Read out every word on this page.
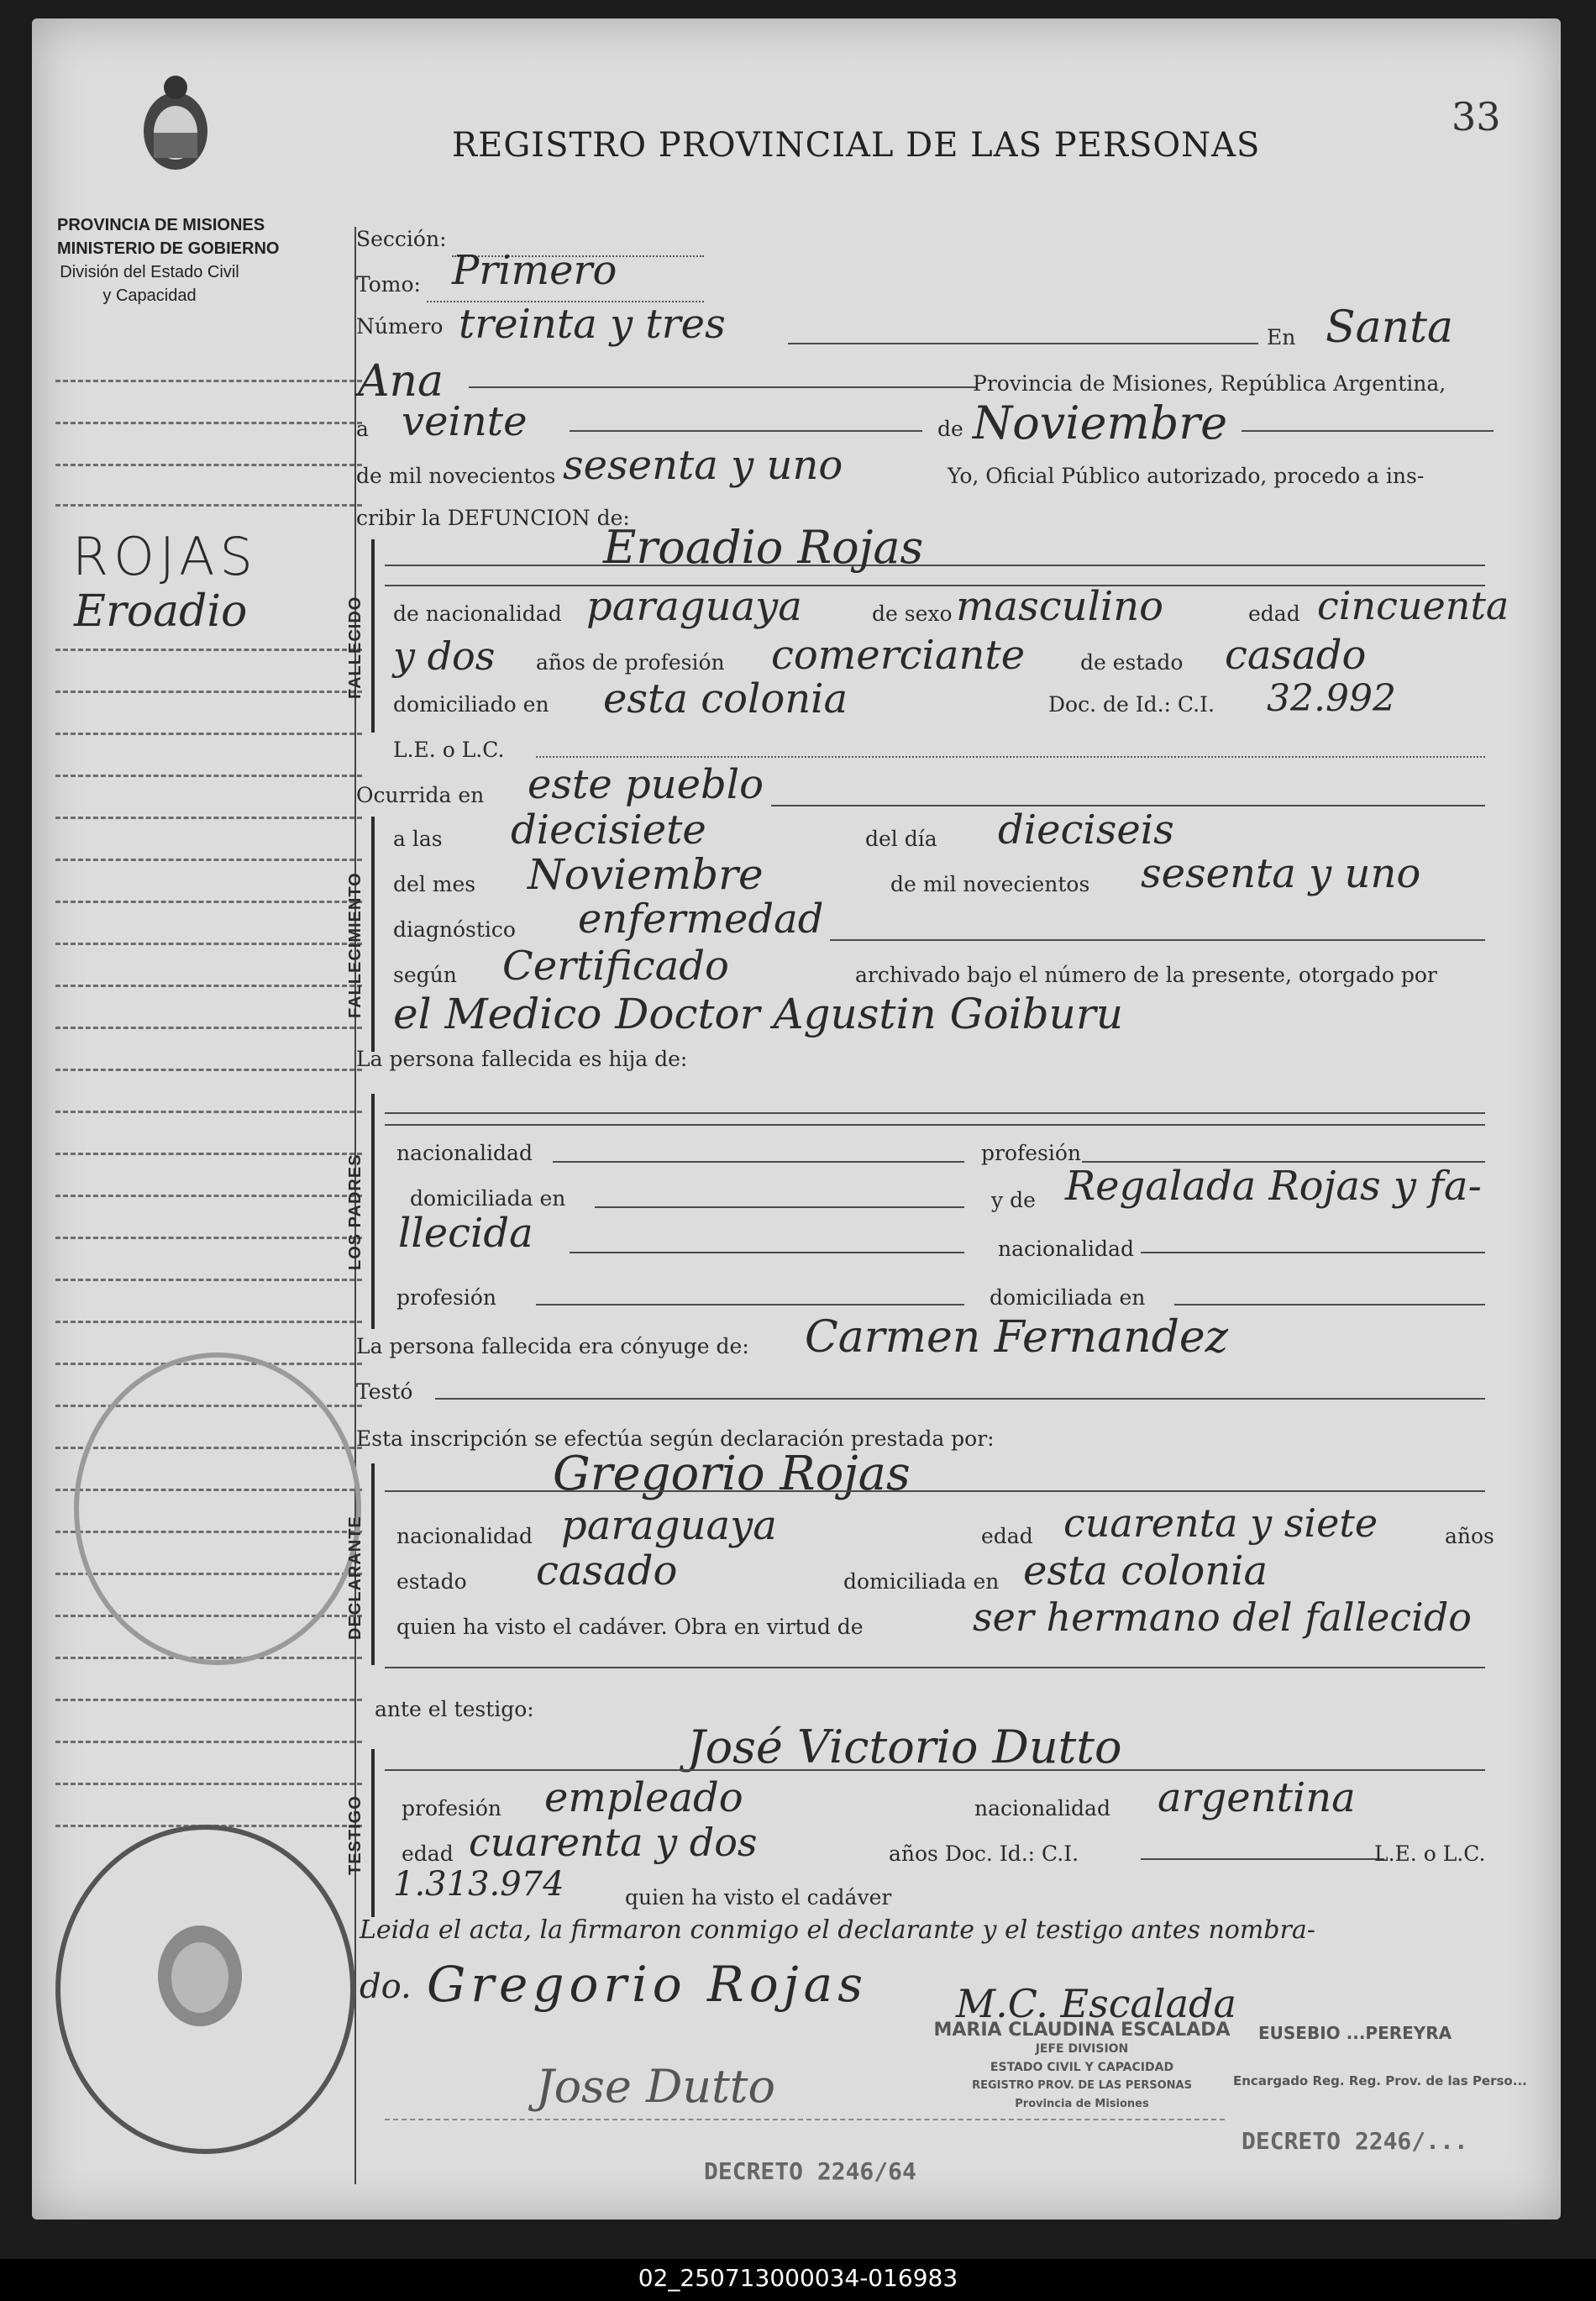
PROVINCIA DE MISIONES
MINISTERIO DE GOBIERNO
División del Estado Civil
y Capacidad
REGISTRO PROVINCIAL DE LAS PERSONAS
33
ROJAS
Eroadio
Sección:
Tomo: Primero
Número treinta y tres	En Santa
Ana	Provincia de Misiones, República Argentina,
a veinte	de Noviembre
de mil novecientos sesenta y uno	Yo, Oficial Público autorizado, procedo a ins-
cribir la DEFUNCION de:
FALLECIDO
Eroadio Rojas
de nacionalidad paraguaya	de sexo masculino	edad cincuenta
y dos años de profesión comerciante	de estado casado
domiciliado en esta colonia	Doc. de Id.: C.I. 32.992
L.E. o L.C.
Ocurrida en este pueblo
FALLECIMIENTO
a las diecisiete	del día dieciseis
del mes Noviembre	de mil novecientos sesenta y uno
diagnóstico enfermedad
según Certificado	archivado bajo el número de la presente, otorgado por
el Medico Doctor Agustin Goiburu
La persona fallecida es hija de:
LOS PADRES
nacionalidad	profesión
domiciliada en	y de Regalada Rojas y fa-
llecida	nacionalidad
profesión	domiciliada en
La persona fallecida era cónyuge de: Carmen Fernandez
Testó
Esta inscripción se efectúa según declaración prestada por:
DECLARANTE
Gregorio Rojas
nacionalidad paraguaya	edad cuarenta y siete	años
estado casado	domiciliada en esta colonia
quien ha visto el cadáver. Obra en virtud de	ser hermano del fallecido
ante el testigo:
TESTIGO
José Victorio Dutto
profesión empleado	nacionalidad argentina
edad cuarenta y dos	años Doc. Id.: C.I.	L.E. o L.C.
1.313.974	quien ha visto el cadáver
Leida el acta, la firmaron conmigo el declarante y el testigo antes nombra-
do. Gregorio Rojas M.C. Escalada
Jose Dutto
MARIA CLAUDINA ESCALADA
JEFE DIVISION
ESTADO CIVIL Y CAPACIDAD
REGISTRO PROV. DE LAS PERSONAS
Provincia de Misiones
EUSEBIO ...PEREYRA
Encargado Reg. Reg. Prov. de las Perso...
DECRETO 2246/64
DECRETO 2246/...
02_250713000034-016983
